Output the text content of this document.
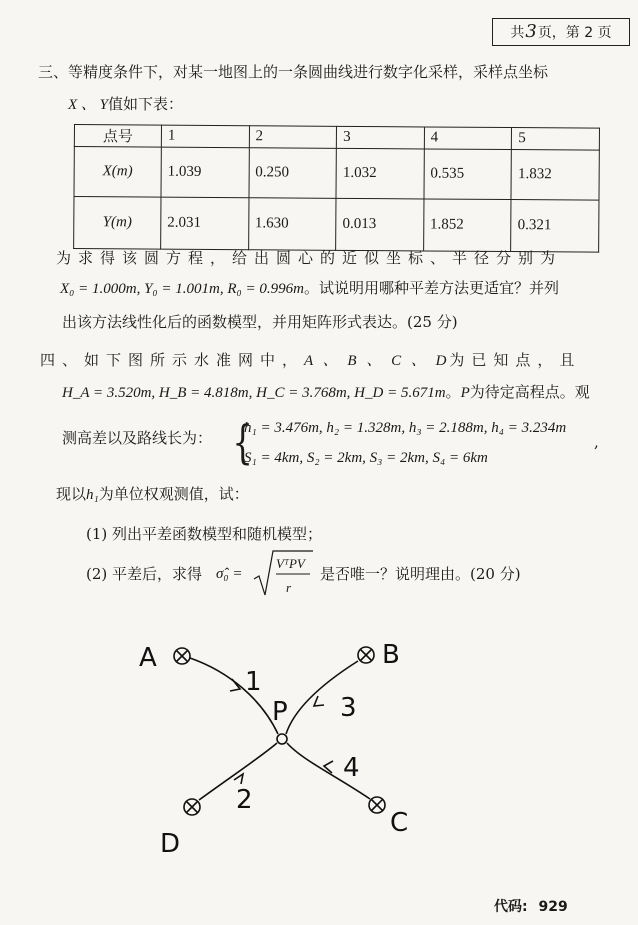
共3页，第 2 页
三、等精度条件下，对某一地图上的一条圆曲线进行数字化采样，采样点坐标
X 、 Y值如下表：
点号	1	2	3	4	5
X(m)	1.039	0.250	1.032	0.535	1.832
Y(m)	2.031	1.630	0.013	1.852	0.321
为求得该圆方程，给出圆心的近似坐标、半径分别为
X₀ = 1.000m, Y₀ = 1.001m, R₀ = 0.996m。试说明用哪种平差方法更适宜？并列
出该方法线性化后的函数模型，并用矩阵形式表达。(25 分)
四、如下图所示水准网中，A 、 B 、 C 、 D为已知点，且
H_A = 3.520m, H_B = 4.818m, H_C = 3.768m, H_D = 5.671m。P为待定高程点。观
测高差以及路线长为： {
h₁ = 3.476m, h₂ = 1.328m, h₃ = 2.188m, h₄ = 3.234m
,
S₁ = 4km, S₂ = 2km, S₃ = 2km, S₄ = 6km
现以h₁为单位权观测值，试：
(1) 列出平差函数模型和随机模型；
(2) 平差后，求得 σ̂₀ =
VᵀPV
r
是否唯一？说明理由。(20 分)
A	B
C
D
P
1
2
3
4
代码: 929
